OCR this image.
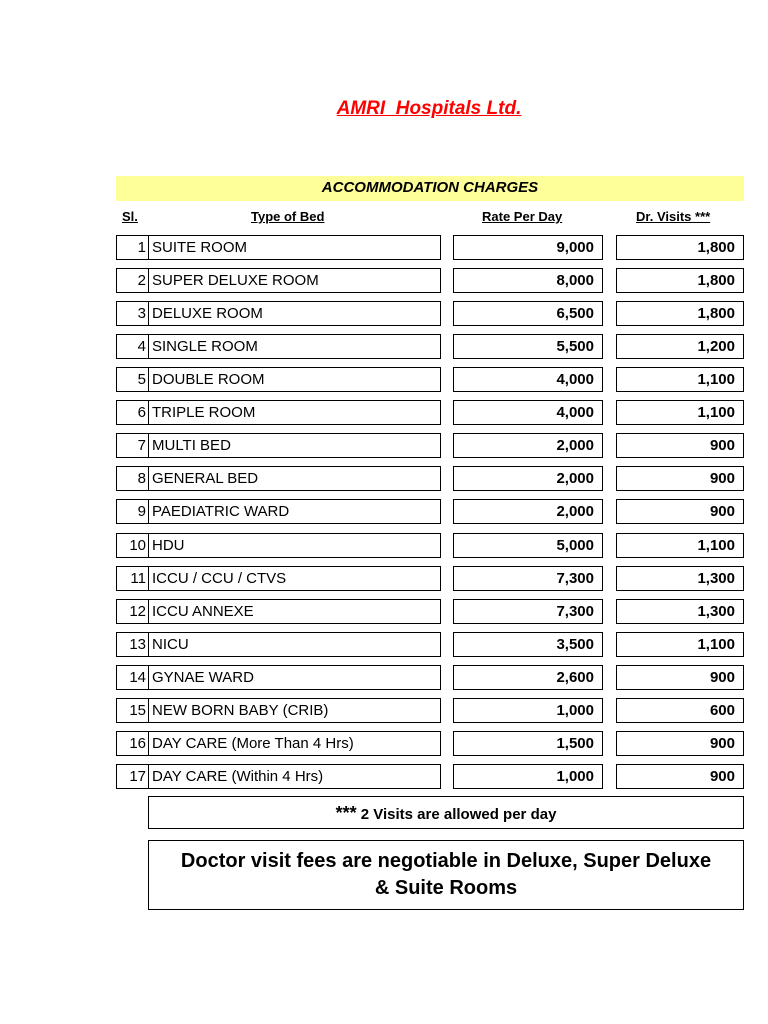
AMRI  Hospitals Ltd.
ACCOMMODATION CHARGES
Sl.	Type of Bed	Rate Per Day	Dr. Visits ***
1 SUITE ROOM	9,000	1,800
2 SUPER DELUXE ROOM	8,000	1,800
3 DELUXE ROOM	6,500	1,800
4 SINGLE ROOM	5,500	1,200
5 DOUBLE ROOM	4,000	1,100
6 TRIPLE ROOM	4,000	1,100
7 MULTI BED	2,000	900
8 GENERAL BED	2,000	900
9 PAEDIATRIC WARD	2,000	900
10 HDU	5,000	1,100
11 ICCU / CCU / CTVS	7,300	1,300
12 ICCU ANNEXE	7,300	1,300
13 NICU	3,500	1,100
14 GYNAE WARD	2,600	900
15 NEW BORN BABY (CRIB)	1,000	600
16 DAY CARE (More Than 4 Hrs)	1,500	900
17 DAY CARE (Within 4 Hrs)	1,000	900
*** 2 Visits are allowed per day
Doctor visit fees are negotiable in Deluxe, Super Deluxe & Suite Rooms
